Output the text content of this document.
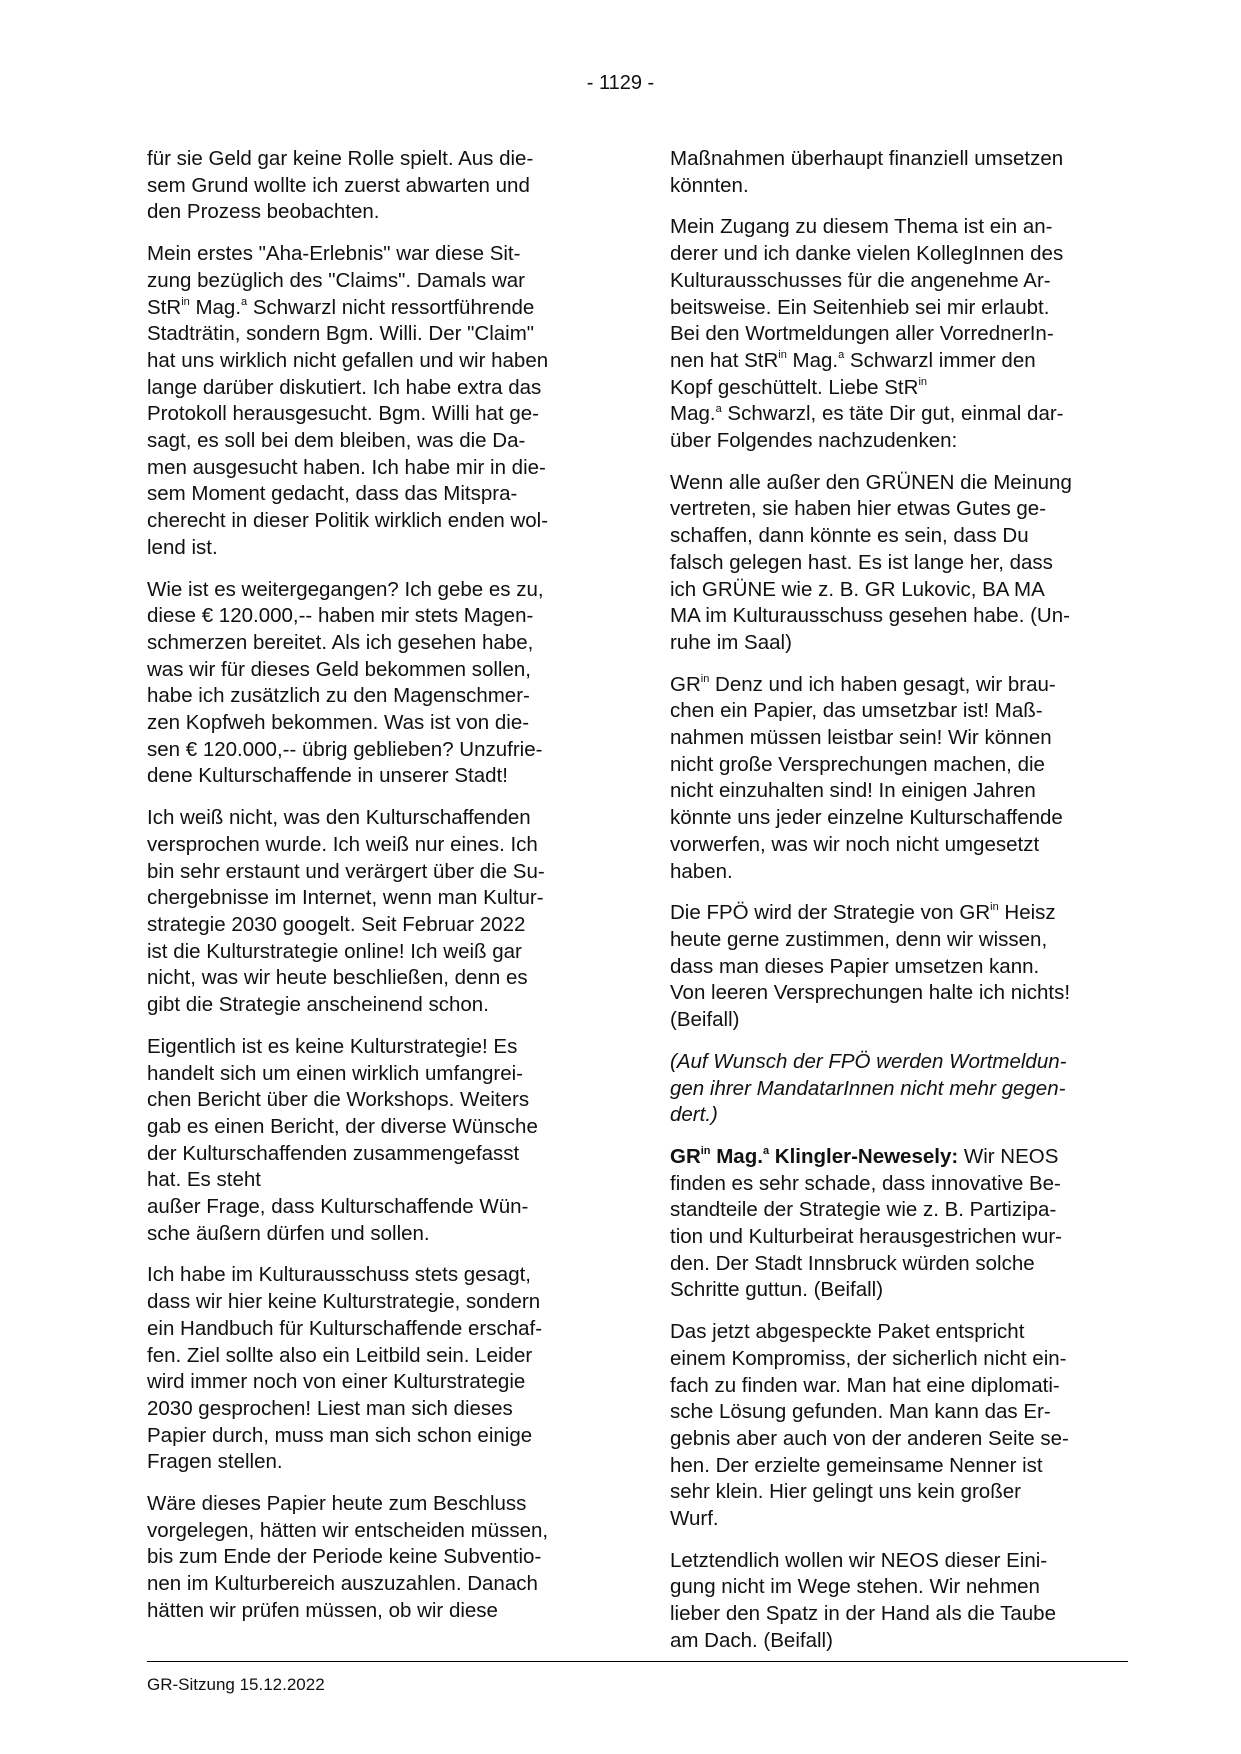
- 1129 -

für sie Geld gar keine Rolle spielt. Aus die-
sem Grund wollte ich zuerst abwarten und
den Prozess beobachten.

Mein erstes "Aha-Erlebnis" war diese Sit-
zung bezüglich des "Claims". Damals war
StR$^{in}$ Mag.$^a$ Schwarzl nicht ressortführende
Stadträtin, sondern Bgm. Willi. Der "Claim"
hat uns wirklich nicht gefallen und wir haben
lange darüber diskutiert. Ich habe extra das
Protokoll herausgesucht. Bgm. Willi hat ge-
sagt, es soll bei dem bleiben, was die Da-
men ausgesucht haben. Ich habe mir in die-
sem Moment gedacht, dass das Mitspra-
cherecht in dieser Politik wirklich enden wol-
lend ist.

Wie ist es weitergegangen? Ich gebe es zu,
diese € 120.000,-- haben mir stets Magen-
schmerzen bereitet. Als ich gesehen habe,
was wir für dieses Geld bekommen sollen,
habe ich zusätzlich zu den Magenschmer-
zen Kopfweh bekommen. Was ist von die-
sen € 120.000,-- übrig geblieben? Unzufrie-
dene Kulturschaffende in unserer Stadt!

Ich weiß nicht, was den Kulturschaffenden
versprochen wurde. Ich weiß nur eines. Ich
bin sehr erstaunt und verärgert über die Su-
chergebnisse im Internet, wenn man Kultur-
strategie 2030 googelt. Seit Februar 2022
ist die Kulturstrategie online! Ich weiß gar
nicht, was wir heute beschließen, denn es
gibt die Strategie anscheinend schon.

Eigentlich ist es keine Kulturstrategie! Es
handelt sich um einen wirklich umfangrei-
chen Bericht über die Workshops. Weiters
gab es einen Bericht, der diverse Wünsche
der Kulturschaffenden zusammengefasst
hat. Es steht
außer Frage, dass Kulturschaffende Wün-
sche äußern dürfen und sollen.

Ich habe im Kulturausschuss stets gesagt,
dass wir hier keine Kulturstrategie, sondern
ein Handbuch für Kulturschaffende erschaf-
fen. Ziel sollte also ein Leitbild sein. Leider
wird immer noch von einer Kulturstrategie
2030 gesprochen! Liest man sich dieses
Papier durch, muss man sich schon einige
Fragen stellen.

Wäre dieses Papier heute zum Beschluss
vorgelegen, hätten wir entscheiden müssen,
bis zum Ende der Periode keine Subventio-
nen im Kulturbereich auszuzahlen. Danach
hätten wir prüfen müssen, ob wir diese

Maßnahmen überhaupt finanziell umsetzen
könnten.

Mein Zugang zu diesem Thema ist ein an-
derer und ich danke vielen KollegInnen des
Kulturausschusses für die angenehme Ar-
beitsweise. Ein Seitenhieb sei mir erlaubt.
Bei den Wortmeldungen aller VorrednerIn-
nen hat StR$^{in}$ Mag.$^a$ Schwarzl immer den
Kopf geschüttelt. Liebe StR$^{in}$
Mag.$^a$ Schwarzl, es täte Dir gut, einmal dar-
über Folgendes nachzudenken:

Wenn alle außer den GRÜNEN die Meinung
vertreten, sie haben hier etwas Gutes ge-
schaffen, dann könnte es sein, dass Du
falsch gelegen hast. Es ist lange her, dass
ich GRÜNE wie z. B. GR Lukovic, BA MA
MA im Kulturausschuss gesehen habe. (Un-
ruhe im Saal)

$GR^{in}$ Denz und ich haben gesagt, wir brau-
chen ein Papier, das umsetzbar ist! Maß-
nahmen müssen leistbar sein! Wir können
nicht große Versprechungen machen, die
nicht einzuhalten sind! In einigen Jahren
könnte uns jeder einzelne Kulturschaffende
vorwerfen, was wir noch nicht umgesetzt
haben.

Die FPÖ wird der Strategie von $GR^{in}$ Heisz
heute gerne zustimmen, denn wir wissen,
dass man dieses Papier umsetzen kann.
Von leeren Versprechungen halte ich nichts!
(Beifall)

(Auf Wunsch der FPÖ werden Wortmeldun-
gen ihrer MandatarInnen nicht mehr gegen-
dert.)

$GR^{in}$ Mag.$^a$ Klingler-Newesely: Wir NEOS
finden es sehr schade, dass innovative Be-
standteile der Strategie wie z. B. Partizipa-
tion und Kulturbeirat herausgestrichen wur-
den. Der Stadt Innsbruck würden solche
Schritte guttun. (Beifall)

Das jetzt abgespeckte Paket entspricht
einem Kompromiss, der sicherlich nicht ein-
fach zu finden war. Man hat eine diplomati-
sche Lösung gefunden. Man kann das Er-
gebnis aber auch von der anderen Seite se-
hen. Der erzielte gemeinsame Nenner ist
sehr klein. Hier gelingt uns kein großer
Wurf.

Letztendlich wollen wir NEOS dieser Eini-
gung nicht im Wege stehen. Wir nehmen
lieber den Spatz in der Hand als die Taube
am Dach. (Beifall)

GR-Sitzung 15.12.2022
